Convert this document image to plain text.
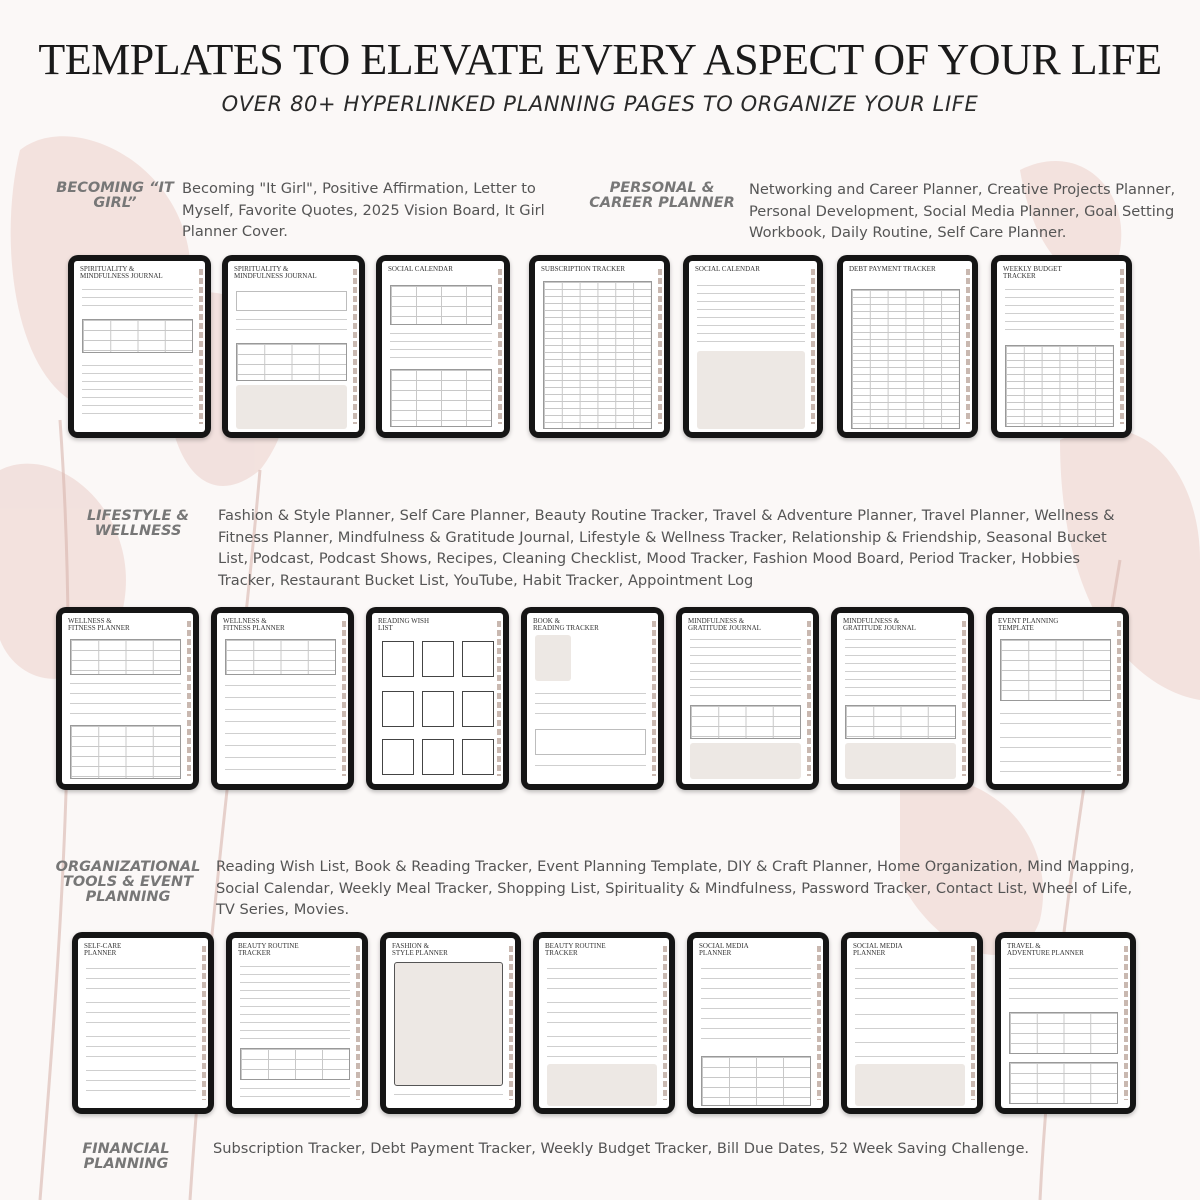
TEMPLATES TO ELEVATE EVERY ASPECT OF YOUR LIFE
OVER 80+ HYPERLINKED PLANNING PAGES TO ORGANIZE YOUR LIFE
BECOMING “IT GIRL”
Becoming "It Girl", Positive Affirmation, Letter to Myself, Favorite Quotes, 2025 Vision Board, It Girl Planner Cover.
PERSONAL & CAREER PLANNER
Networking and Career Planner, Creative Projects Planner, Personal Development, Social Media Planner, Goal Setting Workbook, Daily Routine, Self Care Planner.
SPIRITUALITY &
MINDFULNESS JOURNAL
SPIRITUALITY &
MINDFULNESS JOURNAL
SOCIAL CALENDAR	SUBSCRIPTION TRACKER	SOCIAL CALENDAR	DEBT PAYMENT TRACKER	WEEKLY BUDGET
TRACKER
LIFESTYLE & WELLNESS
Fashion & Style Planner, Self Care Planner, Beauty Routine Tracker, Travel & Adventure Planner, Travel Planner, Wellness & Fitness Planner, Mindfulness & Gratitude Journal, Lifestyle & Wellness Tracker, Relationship & Friendship, Seasonal Bucket List, Podcast, Podcast Shows, Recipes, Cleaning Checklist, Mood Tracker, Fashion Mood Board, Period Tracker, Hobbies Tracker, Restaurant Bucket List, YouTube, Habit Tracker, Appointment Log
WELLNESS &
FITNESS PLANNER
WELLNESS &
FITNESS PLANNER
READING WISH
LIST
BOOK &
READING TRACKER
MINDFULNESS &
GRATITUDE JOURNAL
MINDFULNESS &
GRATITUDE JOURNAL
EVENT PLANNING
TEMPLATE
ORGANIZATIONAL TOOLS & EVENT PLANNING
Reading Wish List, Book & Reading Tracker, Event Planning Template, DIY & Craft Planner, Home Organization, Mind Mapping, Social Calendar, Weekly Meal Tracker, Shopping List, Spirituality & Mindfulness, Password Tracker, Contact List, Wheel of Life, TV Series, Movies.
SELF-CARE
PLANNER
BEAUTY ROUTINE
TRACKER
FASHION &
STYLE PLANNER
BEAUTY ROUTINE
TRACKER
SOCIAL MEDIA
PLANNER
SOCIAL MEDIA
PLANNER
TRAVEL &
ADVENTURE PLANNER
FINANCIAL PLANNING
Subscription Tracker, Debt Payment Tracker, Weekly Budget Tracker, Bill Due Dates, 52 Week Saving Challenge.
